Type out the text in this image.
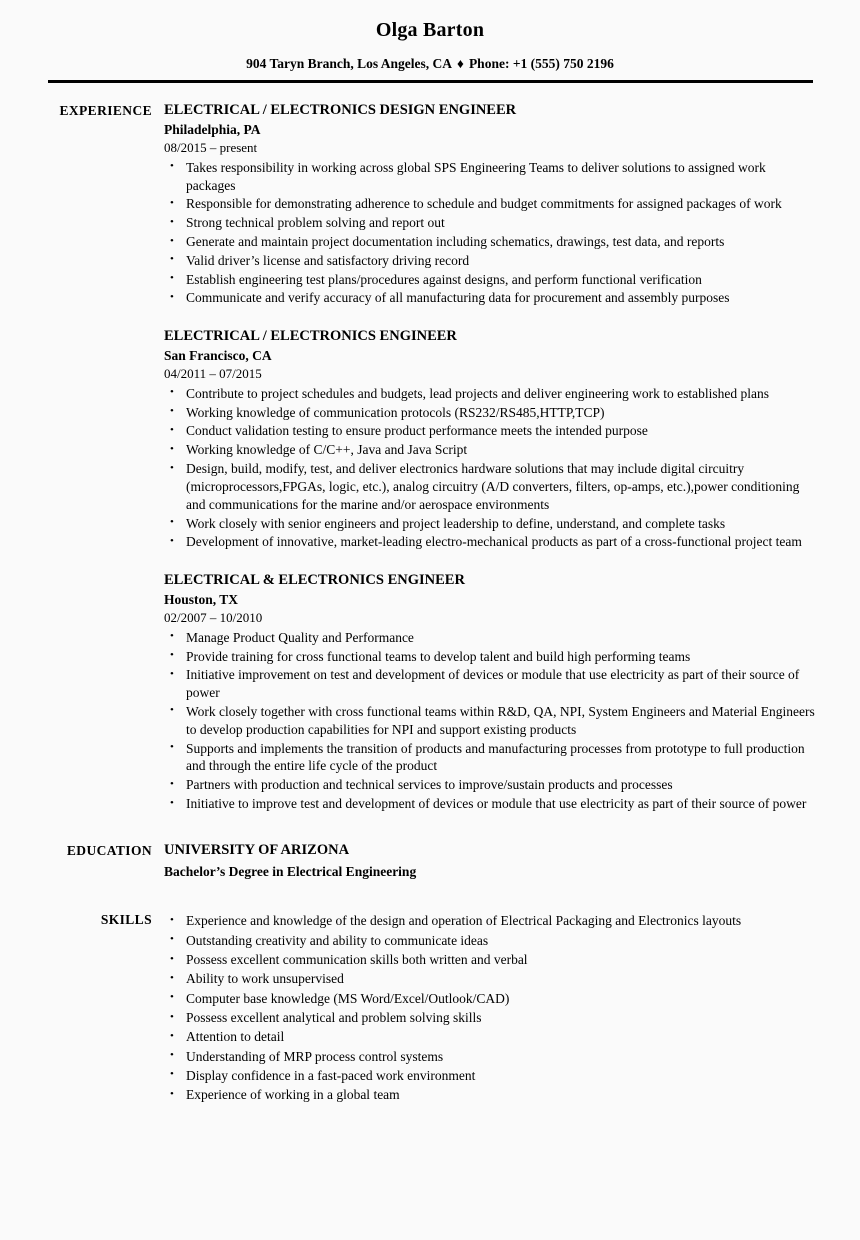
Olga Barton
904 Taryn Branch, Los Angeles, CA ♦ Phone: +1 (555) 750 2196
EXPERIENCE ELECTRICAL / ELECTRONICS DESIGN ENGINEER
Philadelphia, PA
08/2015 – present
• Takes responsibility in working across global SPS Engineering Teams to deliver solutions to assigned work packages
• Responsible for demonstrating adherence to schedule and budget commitments for assigned packages of work
• Strong technical problem solving and report out
• Generate and maintain project documentation including schematics, drawings, test data, and reports
• Valid driver’s license and satisfactory driving record
• Establish engineering test plans/procedures against designs, and perform functional verification
• Communicate and verify accuracy of all manufacturing data for procurement and assembly purposes
ELECTRICAL / ELECTRONICS ENGINEER
San Francisco, CA
04/2011 – 07/2015
• Contribute to project schedules and budgets, lead projects and deliver engineering work to established plans
• Working knowledge of communication protocols (RS232/RS485,HTTP,TCP)
• Conduct validation testing to ensure product performance meets the intended purpose
• Working knowledge of C/C++, Java and Java Script
• Design, build, modify, test, and deliver electronics hardware solutions that may include digital circuitry (microprocessors,FPGAs, logic, etc.), analog circuitry (A/D converters, filters, op-amps, etc.),power conditioning and communications for the marine and/or aerospace environments
• Work closely with senior engineers and project leadership to define, understand, and complete tasks
• Development of innovative, market-leading electro-mechanical products as part of a cross-functional project team
ELECTRICAL & ELECTRONICS ENGINEER
Houston, TX
02/2007 – 10/2010
• Manage Product Quality and Performance
• Provide training for cross functional teams to develop talent and build high performing teams
• Initiative improvement on test and development of devices or module that use electricity as part of their source of power
• Work closely together with cross functional teams within R&D, QA, NPI, System Engineers and Material Engineers to develop production capabilities for NPI and support existing products
• Supports and implements the transition of products and manufacturing processes from prototype to full production and through the entire life cycle of the product
• Partners with production and technical services to improve/sustain products and processes
• Initiative to improve test and development of devices or module that use electricity as part of their source of power
EDUCATION UNIVERSITY OF ARIZONA
Bachelor’s Degree in Electrical Engineering
SKILLS	• Experience and knowledge of the design and operation of Electrical Packaging and Electronics layouts
• Outstanding creativity and ability to communicate ideas
• Possess excellent communication skills both written and verbal
• Ability to work unsupervised
• Computer base knowledge (MS Word/Excel/Outlook/CAD)
• Possess excellent analytical and problem solving skills
• Attention to detail
• Understanding of MRP process control systems
• Display confidence in a fast-paced work environment
• Experience of working in a global team
